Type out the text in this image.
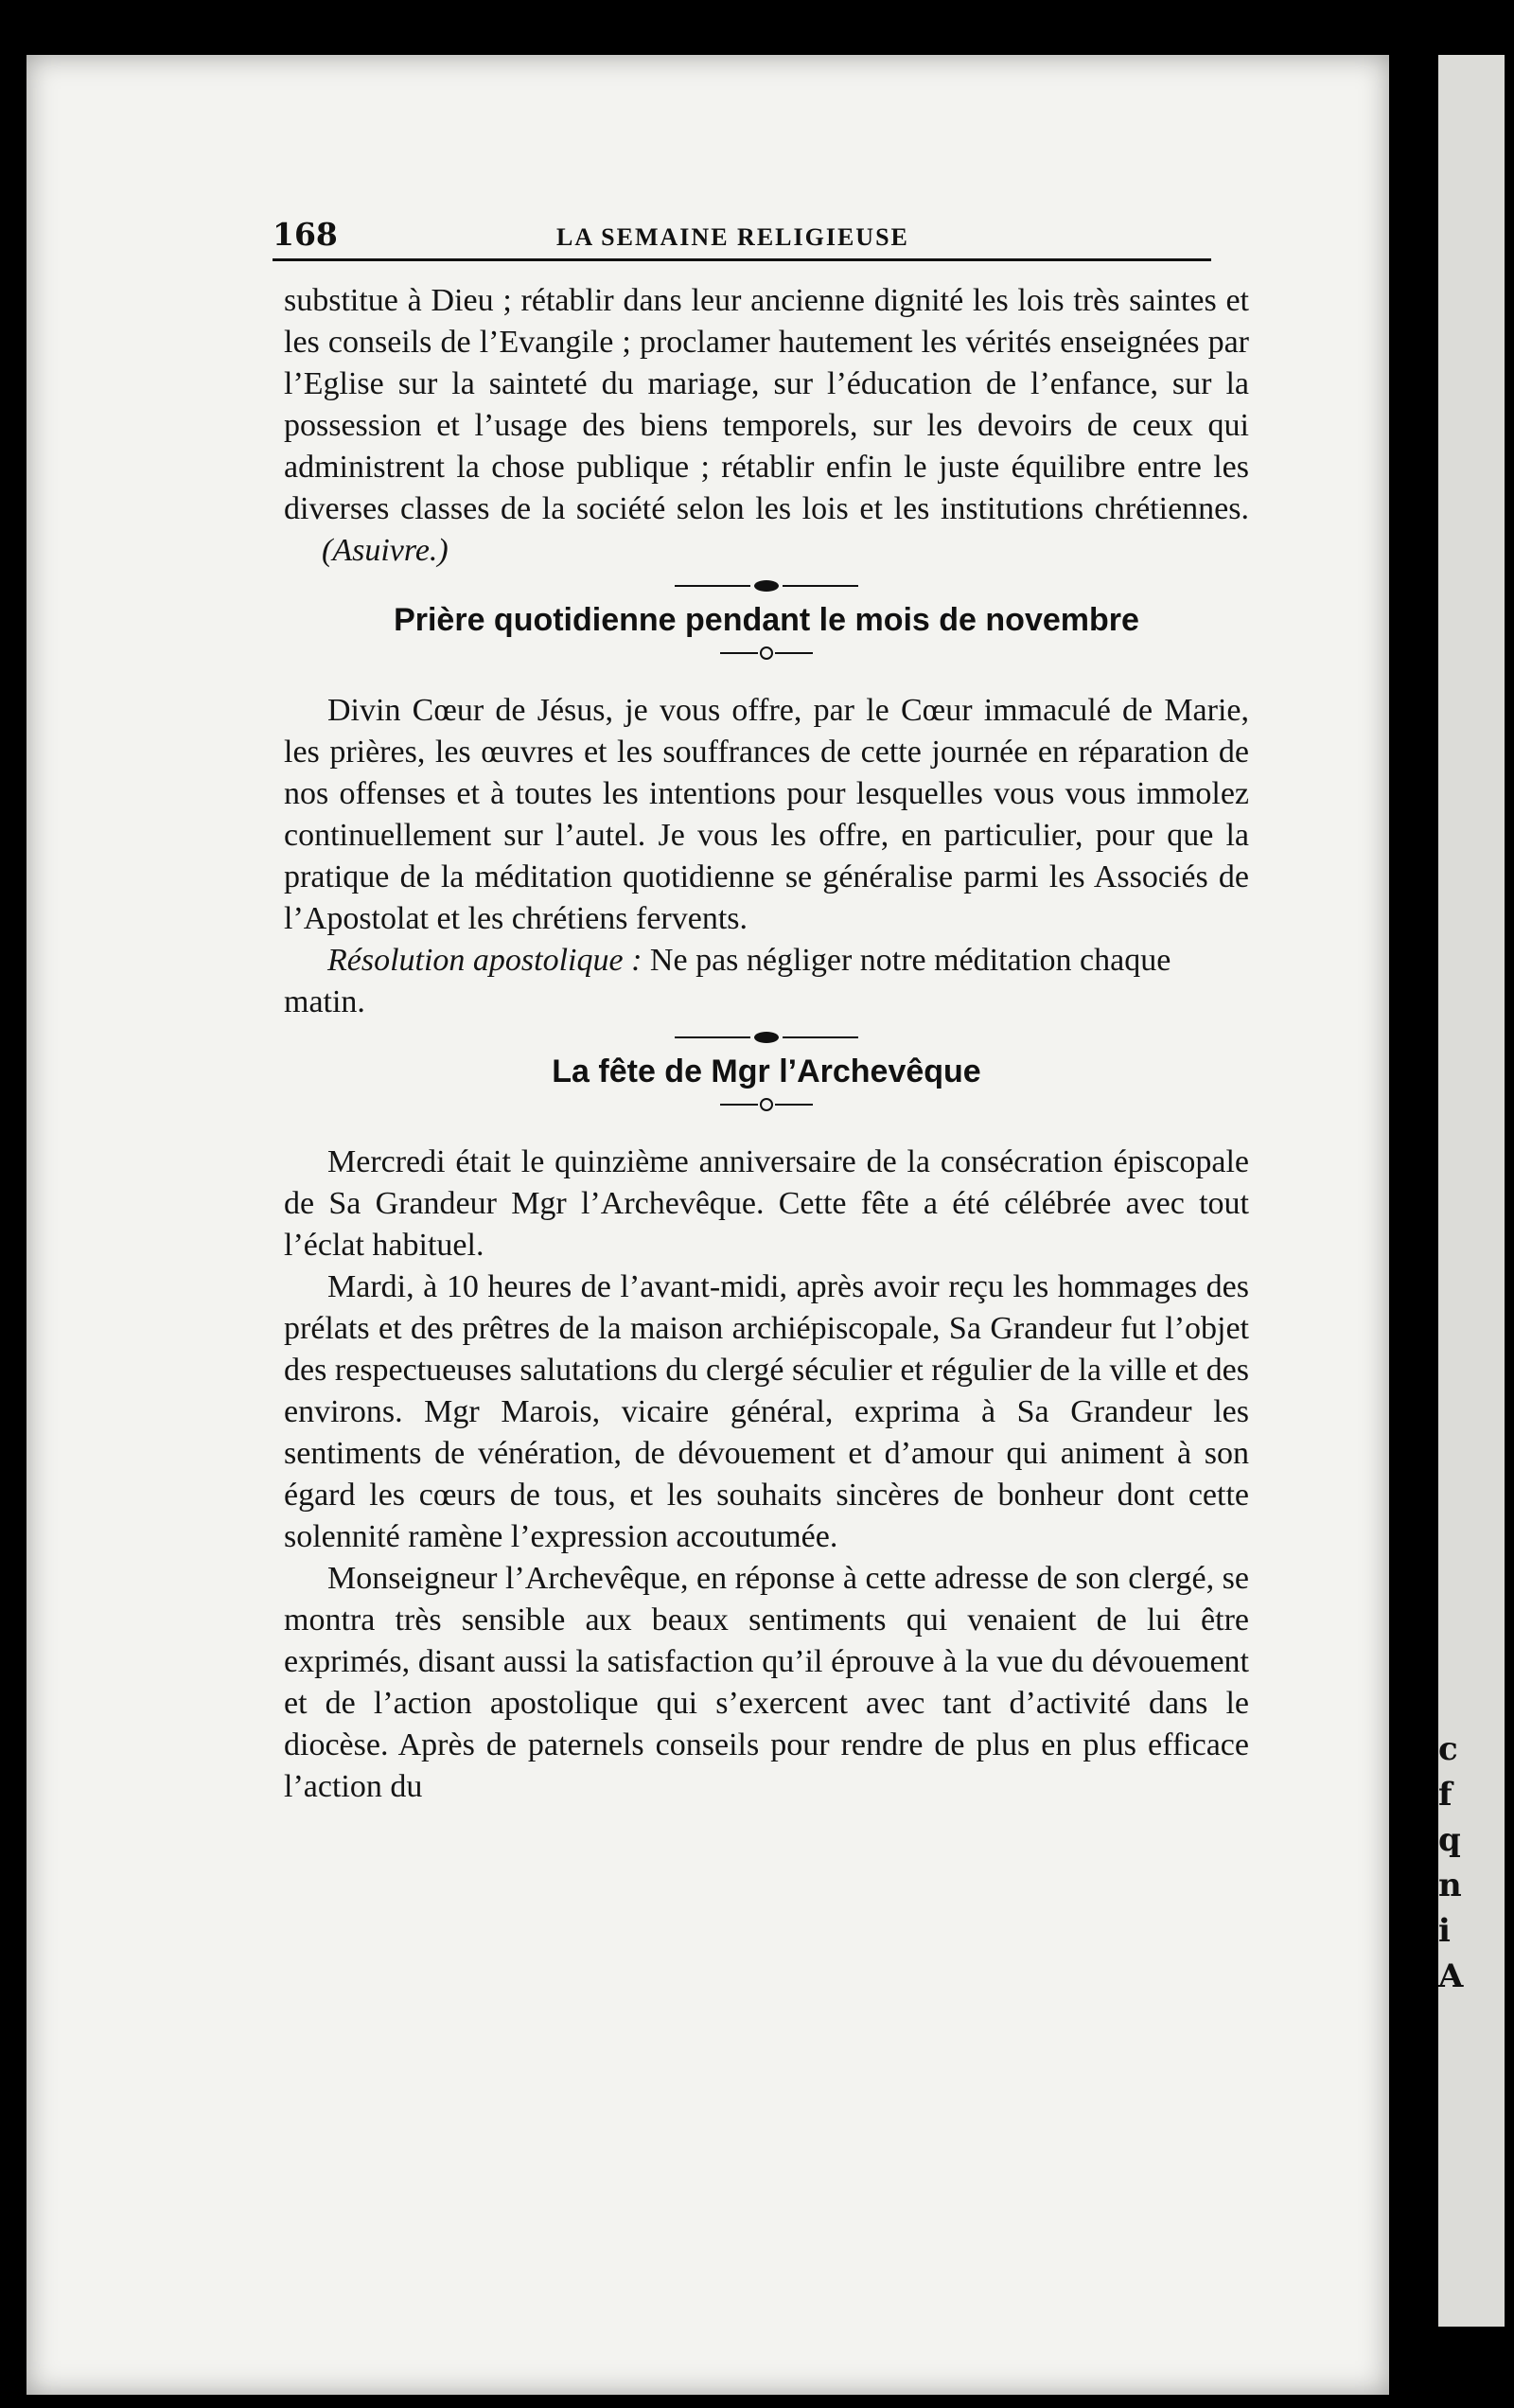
c
f
q
n
i
A
168	LA SEMAINE RELIGIEUSE

substitue à Dieu ; rétablir dans leur ancienne dignité les lois très saintes et les conseils de l’Evangile ; proclamer hautement les vérités enseignées par l’Eglise sur la sainteté du mariage, sur l’éducation de l’enfance, sur la possession et l’usage des biens temporels, sur les devoirs de ceux qui administrent la chose publique ; rétablir enfin le juste équilibre entre les diverses classes de la société selon les lois et les institutions chrétiennes. (Asuivre.)

Prière quotidienne pendant le mois de novembre

Divin Cœur de Jésus, je vous offre, par le Cœur immaculé de Marie, les prières, les œuvres et les souffrances de cette journée en réparation de nos offenses et à toutes les intentions pour lesquelles vous vous immolez continuellement sur l’autel. Je vous les offre, en particulier, pour que la pratique de la méditation quotidienne se généralise parmi les Associés de l’Apostolat et les chrétiens fervents.

Résolution apostolique : Ne pas négliger notre méditation chaque matin.

La fête de Mgr l’Archevêque

Mercredi était le quinzième anniversaire de la consécration épiscopale de Sa Grandeur Mgr l’Archevêque. Cette fête a été célébrée avec tout l’éclat habituel.

Mardi, à 10 heures de l’avant-midi, après avoir reçu les hommages des prélats et des prêtres de la maison archiépiscopale, Sa Grandeur fut l’objet des respectueuses salutations du clergé séculier et régulier de la ville et des environs. Mgr Marois, vicaire général, exprima à Sa Grandeur les sentiments de vénération, de dévouement et d’amour qui animent à son égard les cœurs de tous, et les souhaits sincères de bonheur dont cette solennité ramène l’expression accoutumée.

Monseigneur l’Archevêque, en réponse à cette adresse de son clergé, se montra très sensible aux beaux sentiments qui venaient de lui être exprimés, disant aussi la satisfaction qu’il éprouve à la vue du dévouement et de l’action apostolique qui s’exercent avec tant d’activité dans le diocèse. Après de paternels conseils pour rendre de plus en plus efficace l’action du
